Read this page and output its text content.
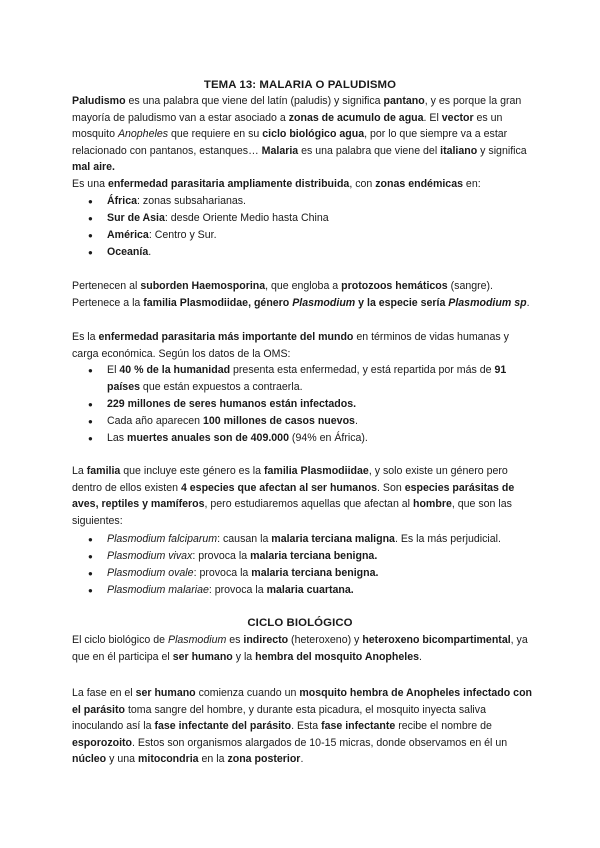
TEMA 13: MALARIA O PALUDISMO

Paludismo es una palabra que viene del latín (paludis) y significa pantano, y es porque la gran mayoría de paludismo van a estar asociado a zonas de acumulo de agua. El vector es un mosquito Anopheles que requiere en su ciclo biológico agua, por lo que siempre va a estar relacionado con pantanos, estanques… Malaria es una palabra que viene del italiano y significa mal aire.

Es una enfermedad parasitaria ampliamente distribuida, con zonas endémicas en:

● África: zonas subsaharianas.
● Sur de Asia: desde Oriente Medio hasta China
● América: Centro y Sur.
● Oceanía.

Pertenecen al suborden Haemosporina, que engloba a protozoos hemáticos (sangre). Pertenece a la familia Plasmodiidae, género Plasmodium y la especie sería Plasmodium sp.

Es la enfermedad parasitaria más importante del mundo en términos de vidas humanas y carga económica. Según los datos de la OMS:

● El 40 % de la humanidad presenta esta enfermedad, y está repartida por más de 91 países que están expuestos a contraerla.
● 229 millones de seres humanos están infectados.
● Cada año aparecen 100 millones de casos nuevos.
● Las muertes anuales son de 409.000 (94% en África).

La familia que incluye este género es la familia Plasmodiidae, y solo existe un género pero dentro de ellos existen 4 especies que afectan al ser humanos. Son especies parásitas de aves, reptiles y mamíferos, pero estudiaremos aquellas que afectan al hombre, que son las siguientes:

● Plasmodium falciparum: causan la malaria terciana maligna. Es la más perjudicial.
● Plasmodium vivax: provoca la malaria terciana benigna.
● Plasmodium ovale: provoca la malaria terciana benigna.
● Plasmodium malariae: provoca la malaria cuartana.
CICLO BIOLÓGICO

El ciclo biológico de Plasmodium es indirecto (heteroxeno) y heteroxeno bicompartimental, ya que en él participa el ser humano y la hembra del mosquito Anopheles.

La fase en el ser humano comienza cuando un mosquito hembra de Anopheles infectado con el parásito toma sangre del hombre, y durante esta picadura, el mosquito inyecta saliva inoculando así la fase infectante del parásito. Esta fase infectante recibe el nombre de esporozoito. Estos son organismos alargados de 10-15 micras, donde observamos en él un núcleo y una mitocondria en la zona posterior.
